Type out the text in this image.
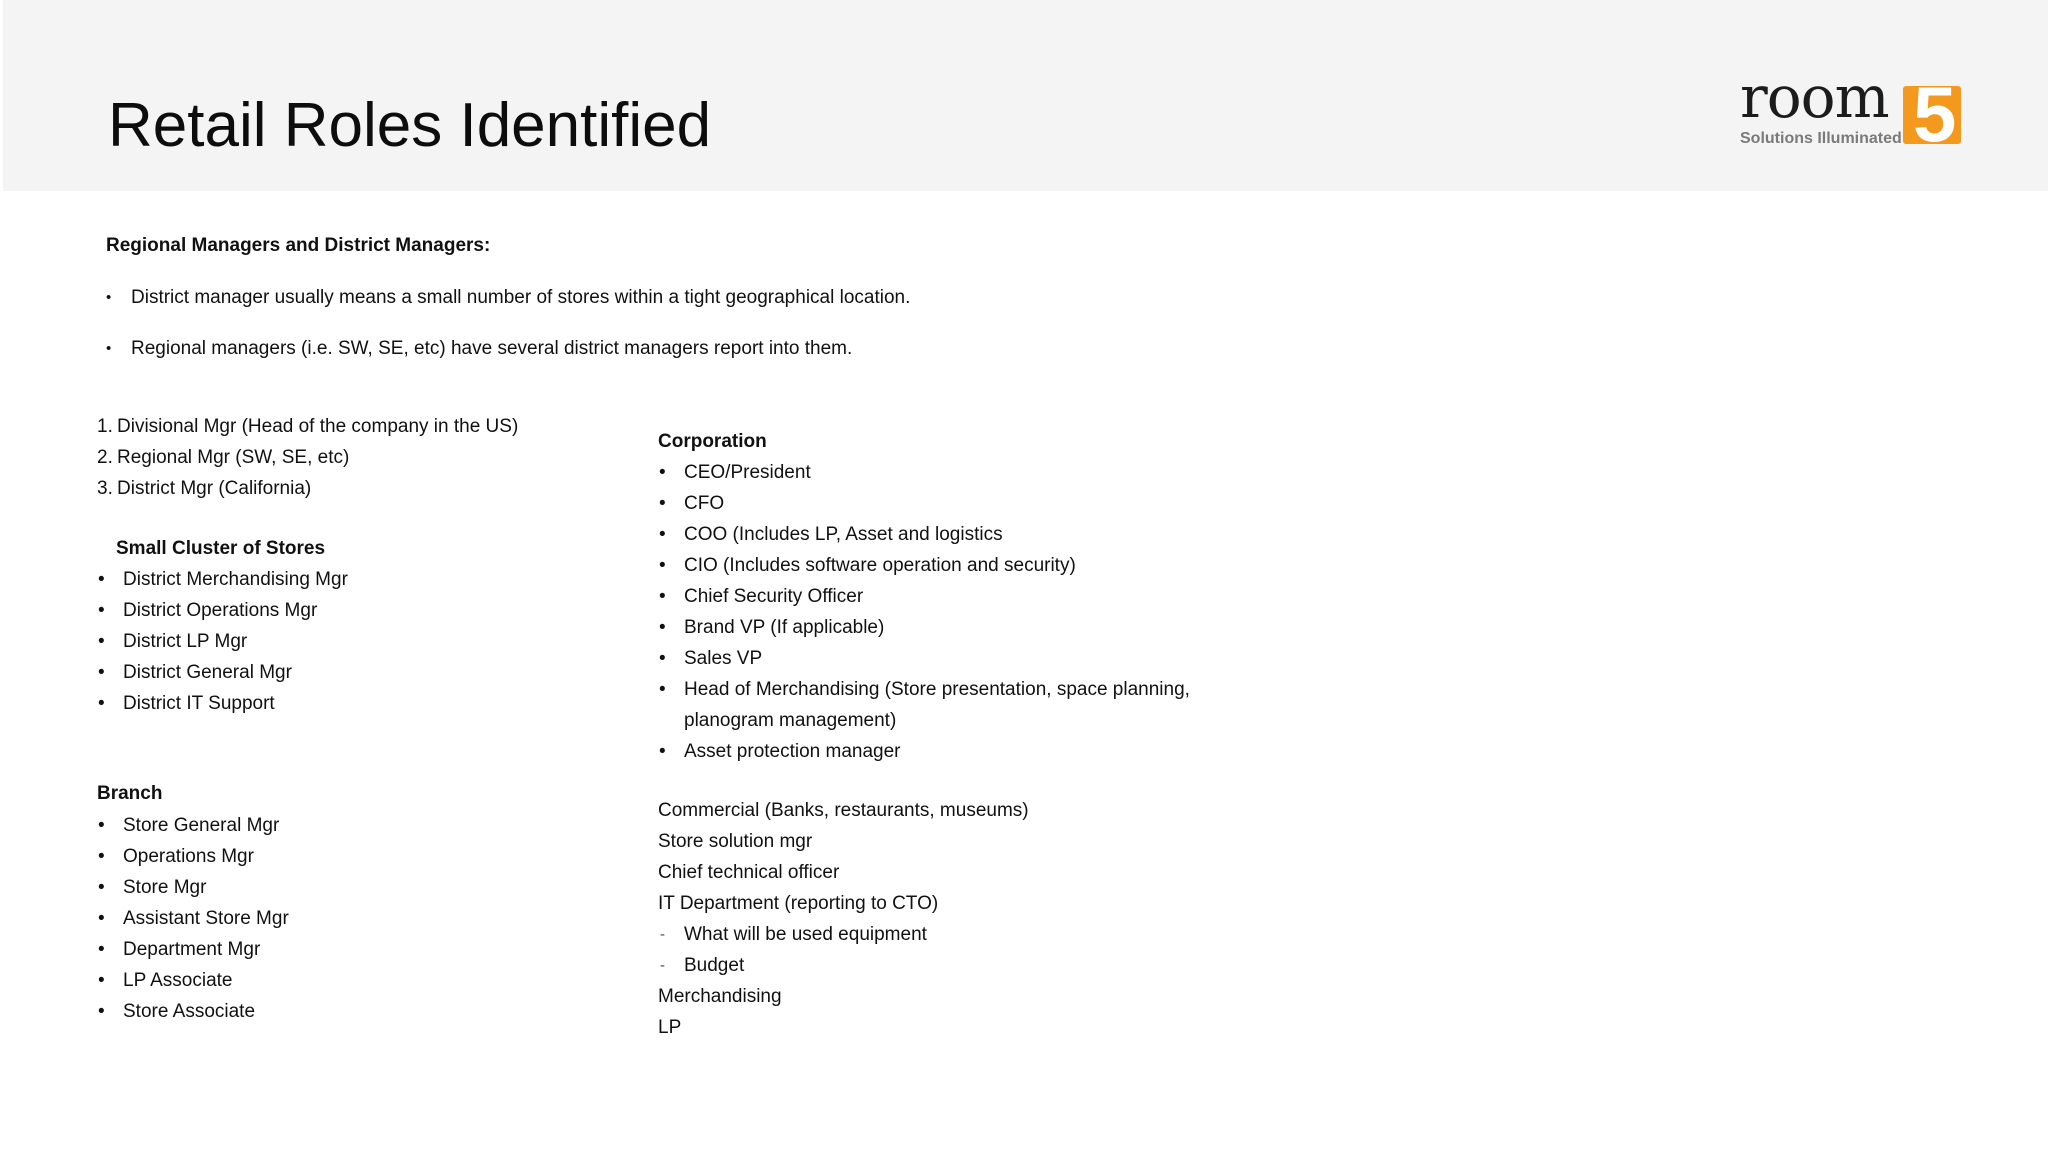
Retail Roles Identified	room
Solutions Illuminated 5
Regional Managers and District Managers:
• District manager usually means a small number of stores within a tight geographical location.
• Regional managers (i.e. SW, SE, etc) have several district managers report into them.
1. Divisional Mgr (Head of the company in the US)
2. Regional Mgr (SW, SE, etc)
3. District Mgr (California)
Small Cluster of Stores
• District Merchandising Mgr
• District Operations Mgr
• District LP Mgr
• District General Mgr
• District IT Support
Branch
• Store General Mgr
• Operations Mgr
• Store Mgr
• Assistant Store Mgr
• Department Mgr
• LP Associate
• Store Associate
Corporation
• CEO/President
• CFO
• COO (Includes LP, Asset and logistics
• CIO (Includes software operation and security)
• Chief Security Officer
• Brand VP (If applicable)
• Sales VP
• Head of Merchandising (Store presentation, space planning,
planogram management)
• Asset protection manager
Commercial (Banks, restaurants, museums)
Store solution mgr
Chief technical officer
IT Department (reporting to CTO)
- What will be used equipment
- Budget
Merchandising
LP
